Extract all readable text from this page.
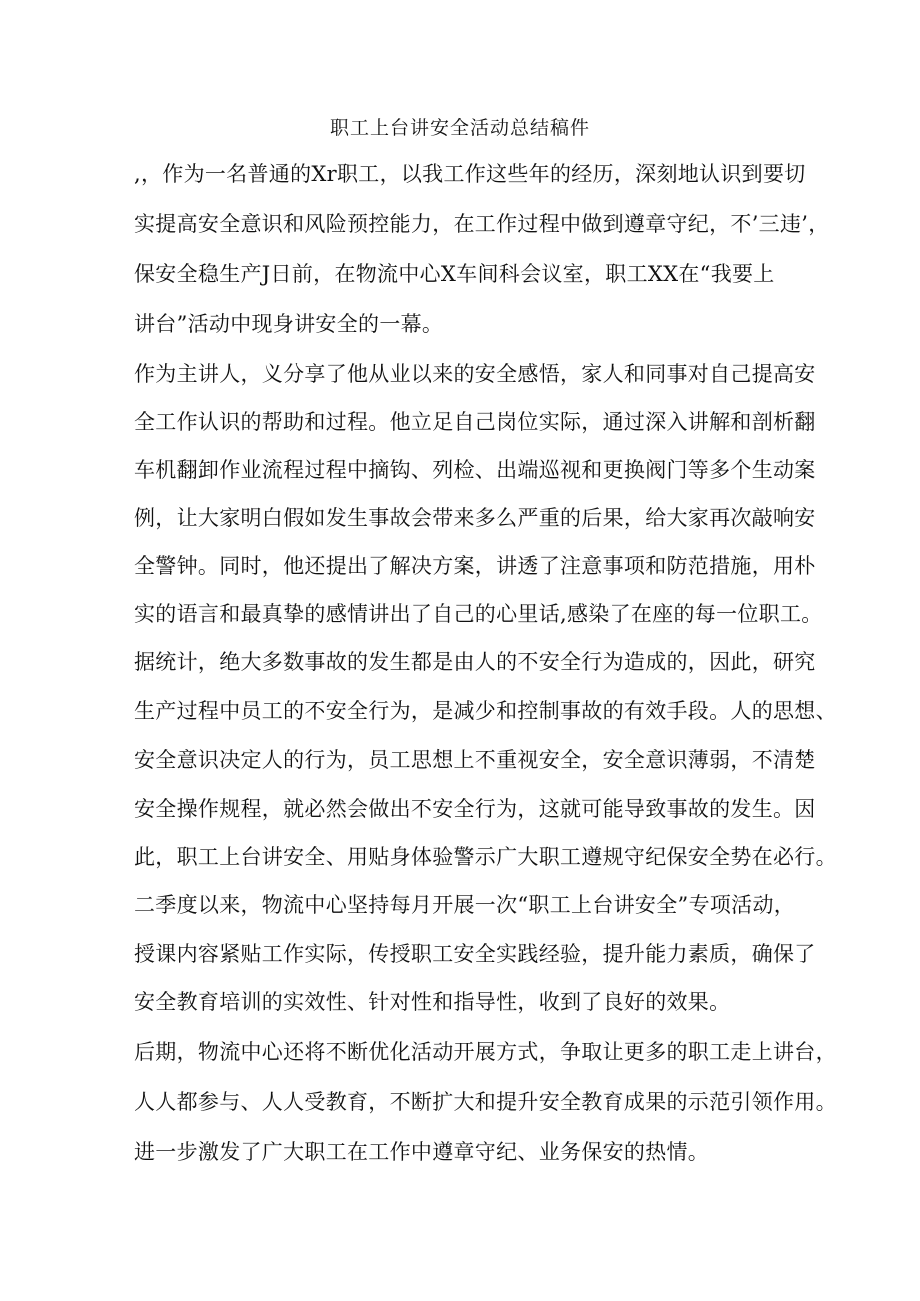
职工上台讲安全活动总结稿件
,，作为一名普通的Xr职工，以我工作这些年的经历，深刻地认识到要切
实提高安全意识和风险预控能力，在工作过程中做到遵章守纪，不’三违’，
保安全稳生产J日前，在物流中心X车间科会议室，职工XX在“我要上
讲台”活动中现身讲安全的一幕。
作为主讲人，义分享了他从业以来的安全感悟，家人和同事对自己提高安
全工作认识的帮助和过程。他立足自己岗位实际，通过深入讲解和剖析翻
车机翻卸作业流程过程中摘钩、列检、出端巡视和更换阀门等多个生动案
例，让大家明白假如发生事故会带来多么严重的后果，给大家再次敲响安
全警钟。同时，他还提出了解决方案，讲透了注意事项和防范措施，用朴
实的语言和最真挚的感情讲出了自己的心里话,感染了在座的每一位职工。
据统计，绝大多数事故的发生都是由人的不安全行为造成的，因此，研究
生产过程中员工的不安全行为，是减少和控制事故的有效手段。人的思想、
安全意识决定人的行为，员工思想上不重视安全，安全意识薄弱，不清楚
安全操作规程，就必然会做出不安全行为，这就可能导致事故的发生。因
此，职工上台讲安全、用贴身体验警示广大职工遵规守纪保安全势在必行。
二季度以来，物流中心坚持每月开展一次“职工上台讲安全”专项活动，
授课内容紧贴工作实际，传授职工安全实践经验，提升能力素质，确保了
安全教育培训的实效性、针对性和指导性，收到了良好的效果。
后期，物流中心还将不断优化活动开展方式，争取让更多的职工走上讲台，
人人都参与、人人受教育，不断扩大和提升安全教育成果的示范引领作用。
进一步激发了广大职工在工作中遵章守纪、业务保安的热情。
